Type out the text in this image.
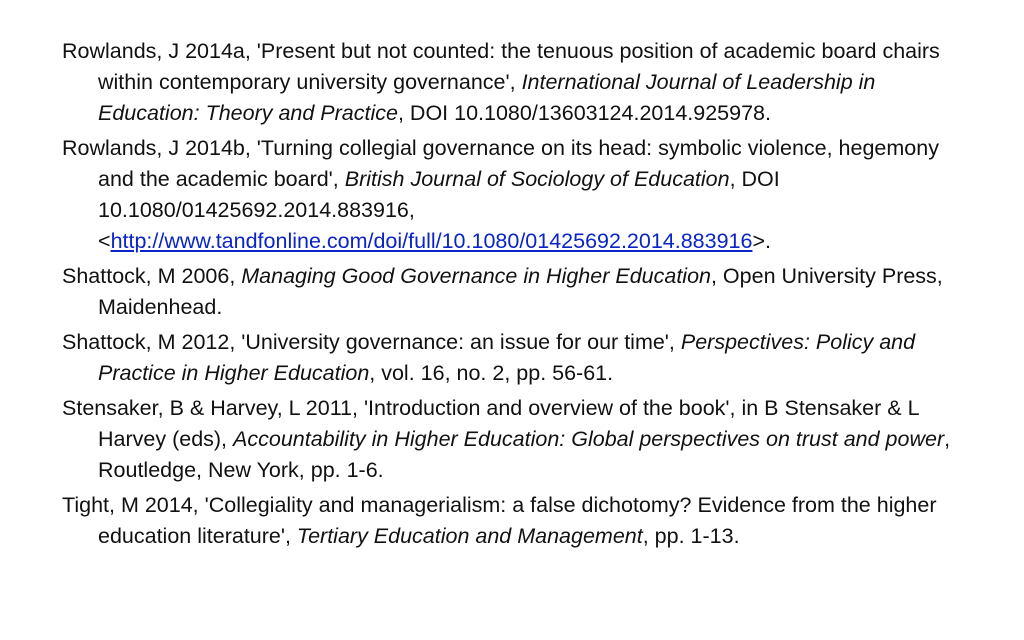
Rowlands, J 2014a, 'Present but not counted: the tenuous position of academic board chairs within contemporary university governance', International Journal of Leadership in Education: Theory and Practice, DOI 10.1080/13603124.2014.925978.

Rowlands, J 2014b, 'Turning collegial governance on its head: symbolic violence, hegemony and the academic board', British Journal of Sociology of Education, DOI 10.1080/01425692.2014.883916, <http://www.tandfonline.com/doi/full/10.1080/01425692.2014.883916>.

Shattock, M 2006, Managing Good Governance in Higher Education, Open University Press, Maidenhead.

Shattock, M 2012, 'University governance: an issue for our time', Perspectives: Policy and Practice in Higher Education, vol. 16, no. 2, pp. 56-61.

Stensaker, B & Harvey, L 2011, 'Introduction and overview of the book', in B Stensaker & L Harvey (eds), Accountability in Higher Education: Global perspectives on trust and power, Routledge, New York, pp. 1-6.

Tight, M 2014, 'Collegiality and managerialism: a false dichotomy? Evidence from the higher education literature', Tertiary Education and Management, pp. 1-13.
